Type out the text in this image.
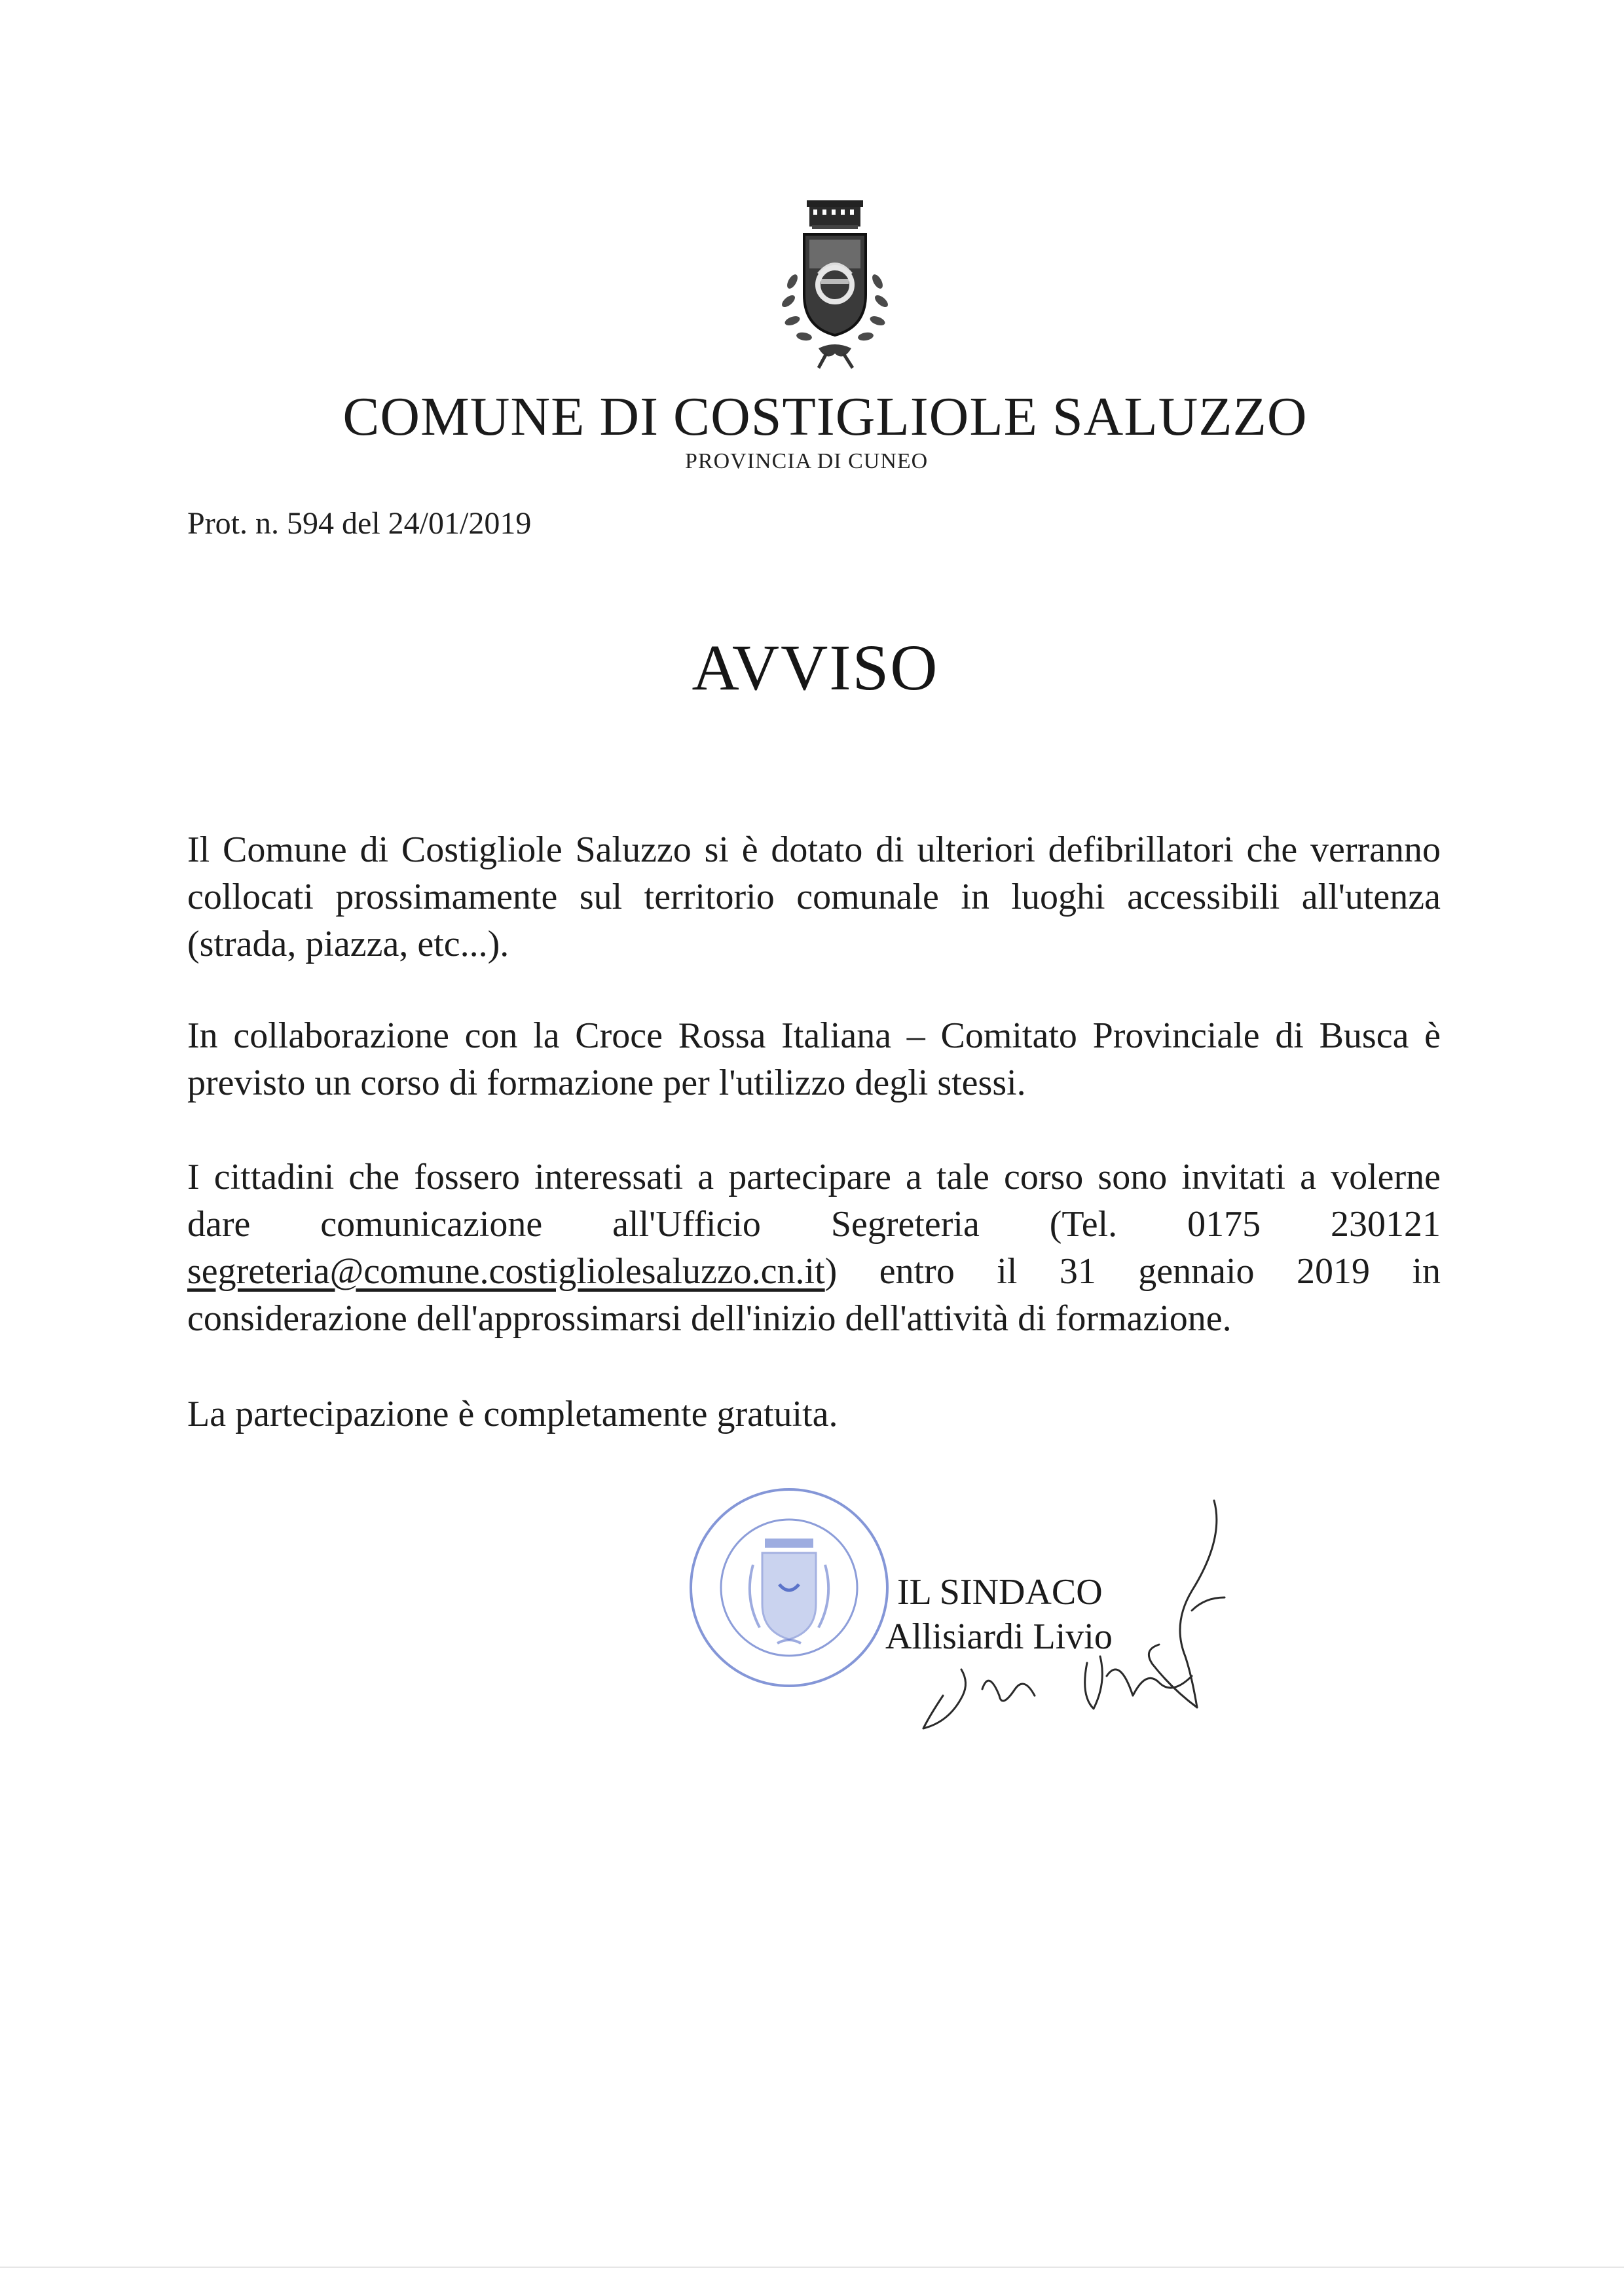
COMUNE DI COSTIGLIOLE SALUZZO
PROVINCIA DI CUNEO
Prot. n. 594 del 24/01/2019
AVVISO

Il Comune di Costigliole Saluzzo si è dotato di ulteriori defibrillatori che verranno collocati prossimamente sul territorio comunale in luoghi accessibili all'utenza (strada, piazza, etc...).

In collaborazione con la Croce Rossa Italiana – Comitato Provinciale di Busca è previsto un corso di formazione per l'utilizzo degli stessi.

I cittadini che fossero interessati a partecipare a tale corso sono invitati a volerne dare comunicazione all'Ufficio Segreteria (Tel. 0175 230121 segreteria@comune.costigliolesaluzzo.cn.it) entro il 31 gennaio 2019 in considerazione dell'approssimarsi dell'inizio dell'attività di formazione.

La partecipazione è completamente gratuita.

IL SINDACO
Allisiardi Livio
